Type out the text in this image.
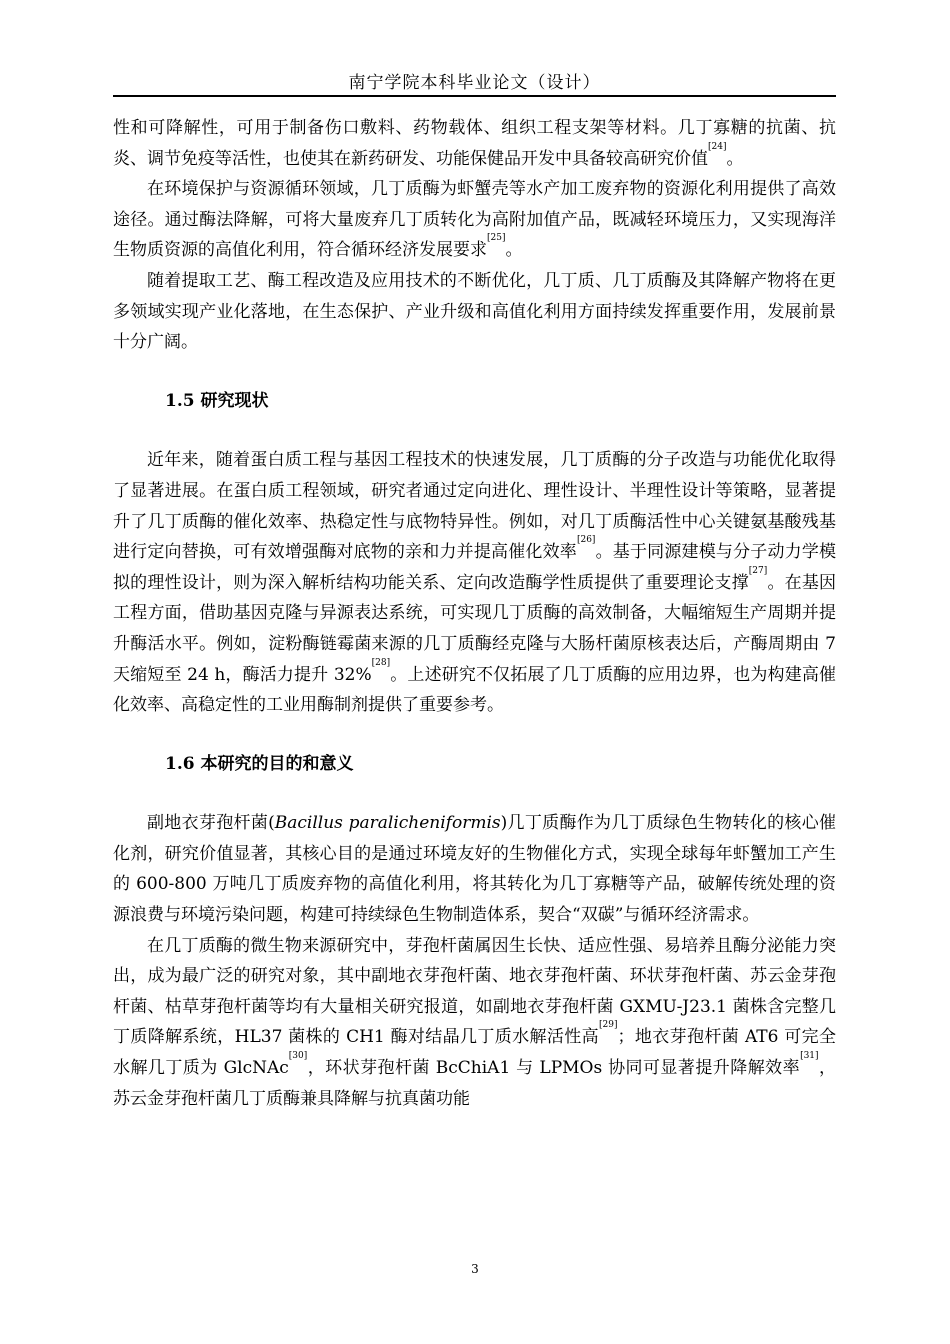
南宁学院本科毕业论文（设计）

性和可降解性，可用于制备伤口敷料、药物载体、组织工程支架等材料。几丁寡糖的抗菌、抗炎、调节免疫等活性，也使其在新药研发、功能保健品开发中具备较高研究价值[24]。

在环境保护与资源循环领域，几丁质酶为虾蟹壳等水产加工废弃物的资源化利用提供了高效途径。通过酶法降解，可将大量废弃几丁质转化为高附加值产品，既减轻环境压力，又实现海洋生物质资源的高值化利用，符合循环经济发展要求[25]。

随着提取工艺、酶工程改造及应用技术的不断优化，几丁质、几丁质酶及其降解产物将在更多领域实现产业化落地，在生态保护、产业升级和高值化利用方面持续发挥重要作用，发展前景十分广阔。

1.5 研究现状

近年来，随着蛋白质工程与基因工程技术的快速发展，几丁质酶的分子改造与功能优化取得了显著进展。在蛋白质工程领域，研究者通过定向进化、理性设计、半理性设计等策略，显著提升了几丁质酶的催化效率、热稳定性与底物特异性。例如，对几丁质酶活性中心关键氨基酸残基进行定向替换，可有效增强酶对底物的亲和力并提高催化效率[26]。基于同源建模与分子动力学模拟的理性设计，则为深入解析结构功能关系、定向改造酶学性质提供了重要理论支撑[27]。在基因工程方面，借助基因克隆与异源表达系统，可实现几丁质酶的高效制备，大幅缩短生产周期并提升酶活水平。例如，淀粉酶链霉菌来源的几丁质酶经克隆与大肠杆菌原核表达后，产酶周期由 7 天缩短至 24 h，酶活力提升 32%[28]。上述研究不仅拓展了几丁质酶的应用边界，也为构建高催化效率、高稳定性的工业用酶制剂提供了重要参考。

1.6 本研究的目的和意义

副地衣芽孢杆菌(Bacillus paralicheniformis)几丁质酶作为几丁质绿色生物转化的核心催化剂，研究价值显著，其核心目的是通过环境友好的生物催化方式，实现全球每年虾蟹加工产生的 600-800 万吨几丁质废弃物的高值化利用，将其转化为几丁寡糖等产品，破解传统处理的资源浪费与环境污染问题，构建可持续绿色生物制造体系，契合“双碳”与循环经济需求。

在几丁质酶的微生物来源研究中，芽孢杆菌属因生长快、适应性强、易培养且酶分泌能力突出，成为最广泛的研究对象，其中副地衣芽孢杆菌、地衣芽孢杆菌、环状芽孢杆菌、苏云金芽孢杆菌、枯草芽孢杆菌等均有大量相关研究报道，如副地衣芽孢杆菌 GXMU-J23.1 菌株含完整几丁质降解系统，HL37 菌株的 CH1 酶对结晶几丁质水解活性高[29]；地衣芽孢杆菌 AT6 可完全水解几丁质为 GlcNAc[30]，环状芽孢杆菌 BcChiA1 与 LPMOs 协同可显著提升降解效率[31]，苏云金芽孢杆菌几丁质酶兼具降解与抗真菌功能

3
